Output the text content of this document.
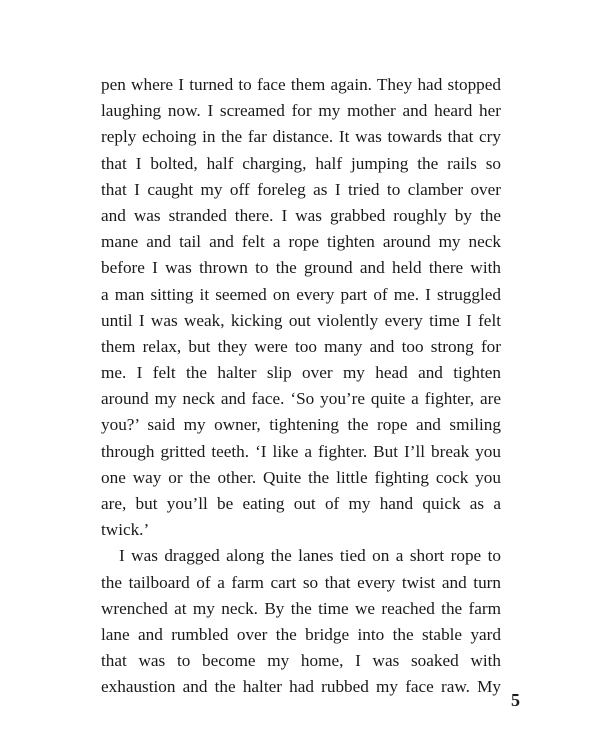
pen where I turned to face them again. They had stopped
laughing now. I screamed for my mother and heard her
reply echoing in the far distance. It was towards that cry
that I bolted, half charging, half jumping the rails so
that I caught my off foreleg as I tried to clamber over
and was stranded there. I was grabbed roughly by the
mane and tail and felt a rope tighten around my neck
before I was thrown to the ground and held there with
a man sitting it seemed on every part of me. I struggled
until I was weak, kicking out violently every time I felt
them relax, but they were too many and too strong for
me. I felt the halter slip over my head and tighten
around my neck and face. ‘So you’re quite a fighter, are
you?’ said my owner, tightening the rope and smiling
through gritted teeth. ‘I like a fighter. But I’ll break you
one way or the other. Quite the little fighting cock you
are, but you’ll be eating out of my hand quick as a
twick.’
I was dragged along the lanes tied on a short rope to
the tailboard of a farm cart so that every twist and turn
wrenched at my neck. By the time we reached the farm
lane and rumbled over the bridge into the stable yard
that was to become my home, I was soaked with
exhaustion and the halter had rubbed my face raw. My
5
